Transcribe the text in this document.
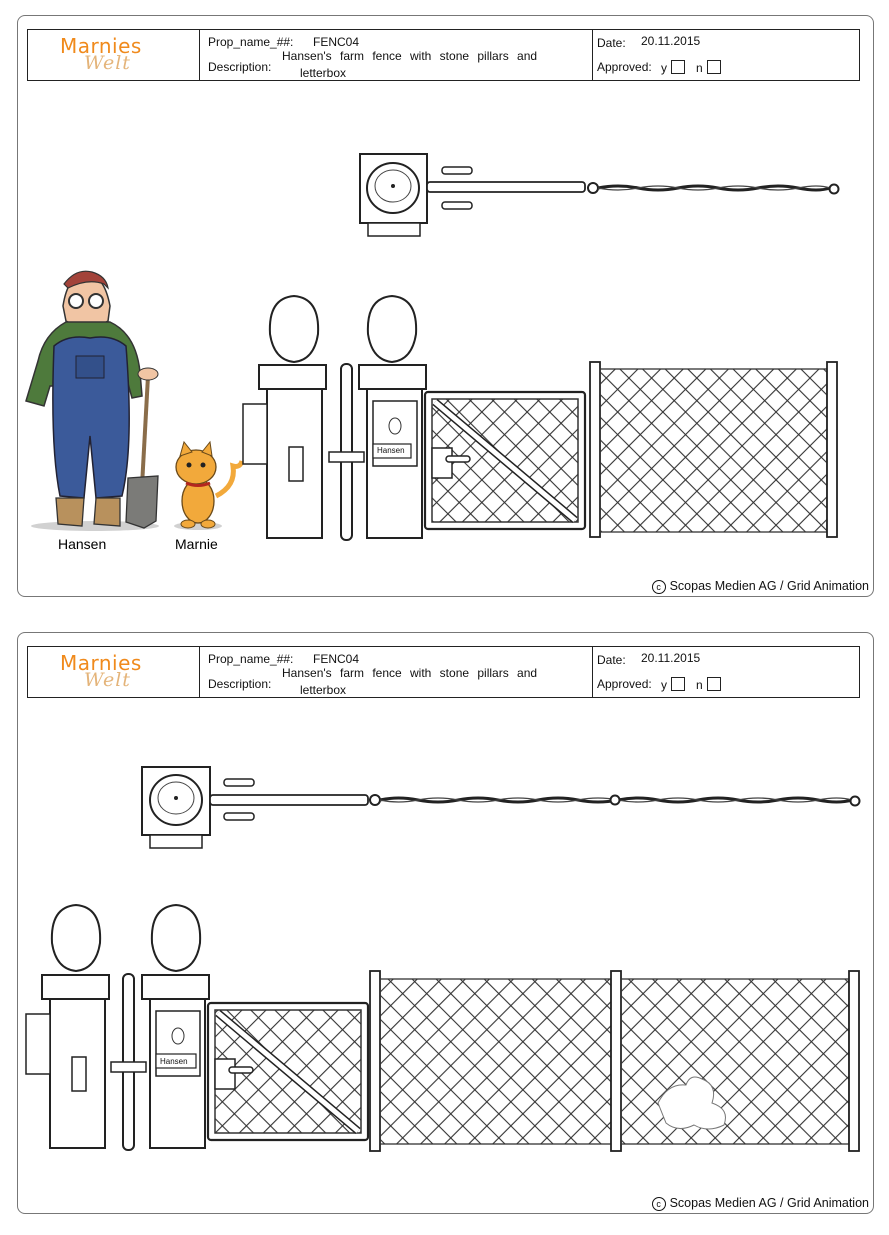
Marnies
Welt
Prop_name_##: FENC04
Description:
Hansen's farm fence with stone pillars and
letterbox
Date: 20.11.2015
Approved: y	n
Hansen	Marnie
Hansen
c Scopas Medien AG / Grid Animation
Marnies
Welt
Prop_name_##: FENC04
Description:
Hansen's farm fence with stone pillars and
letterbox
Date: 20.11.2015
Approved: y	n
Hansen
c Scopas Medien AG / Grid Animation
